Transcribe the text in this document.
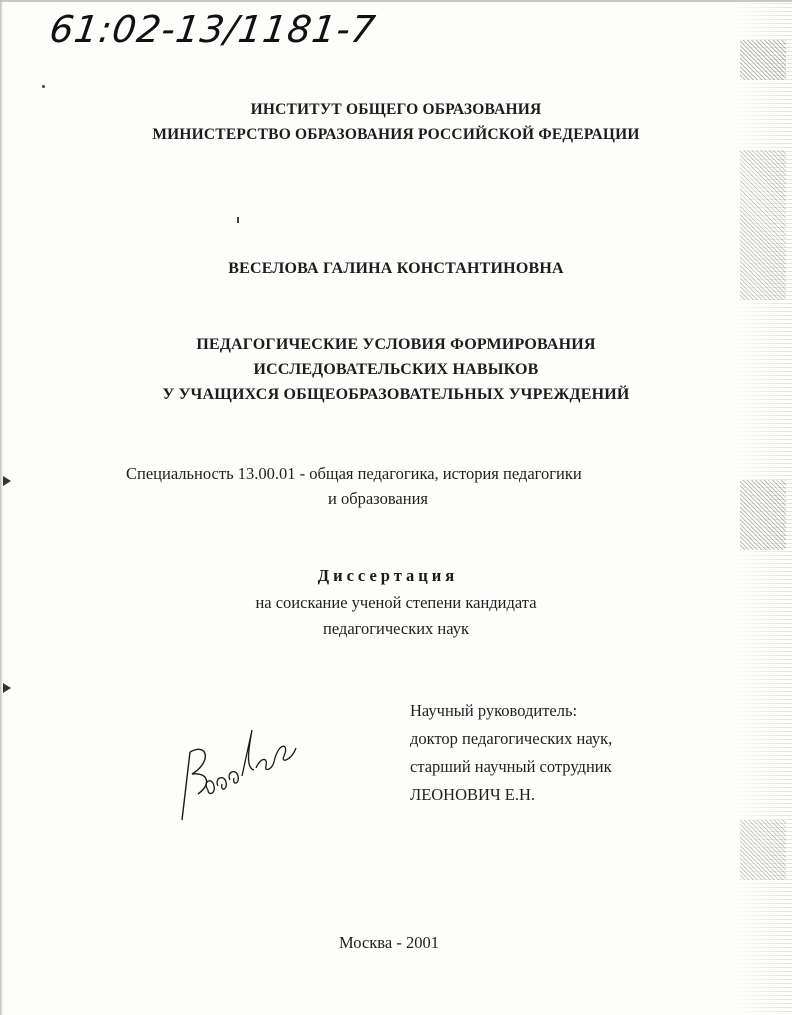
61:02-13/1181-7
ИНСТИТУТ ОБЩЕГО ОБРАЗОВАНИЯ
МИНИСТЕРСТВО ОБРАЗОВАНИЯ РОССИЙСКОЙ ФЕДЕРАЦИИ
ВЕСЕЛОВА ГАЛИНА КОНСТАНТИНОВНА
ПЕДАГОГИЧЕСКИЕ УСЛОВИЯ ФОРМИРОВАНИЯ
ИССЛЕДОВАТЕЛЬСКИХ НАВЫКОВ
У УЧАЩИХСЯ ОБЩЕОБРАЗОВАТЕЛЬНЫХ УЧРЕЖДЕНИЙ
Специальность 13.00.01 - общая педагогика, история педагогики
и образования
Диссертация
на соискание ученой степени кандидата
педагогических наук
Научный руководитель:
доктор педагогических наук,
старший научный сотрудник
ЛЕОНОВИЧ Е.Н.
Москва - 2001
